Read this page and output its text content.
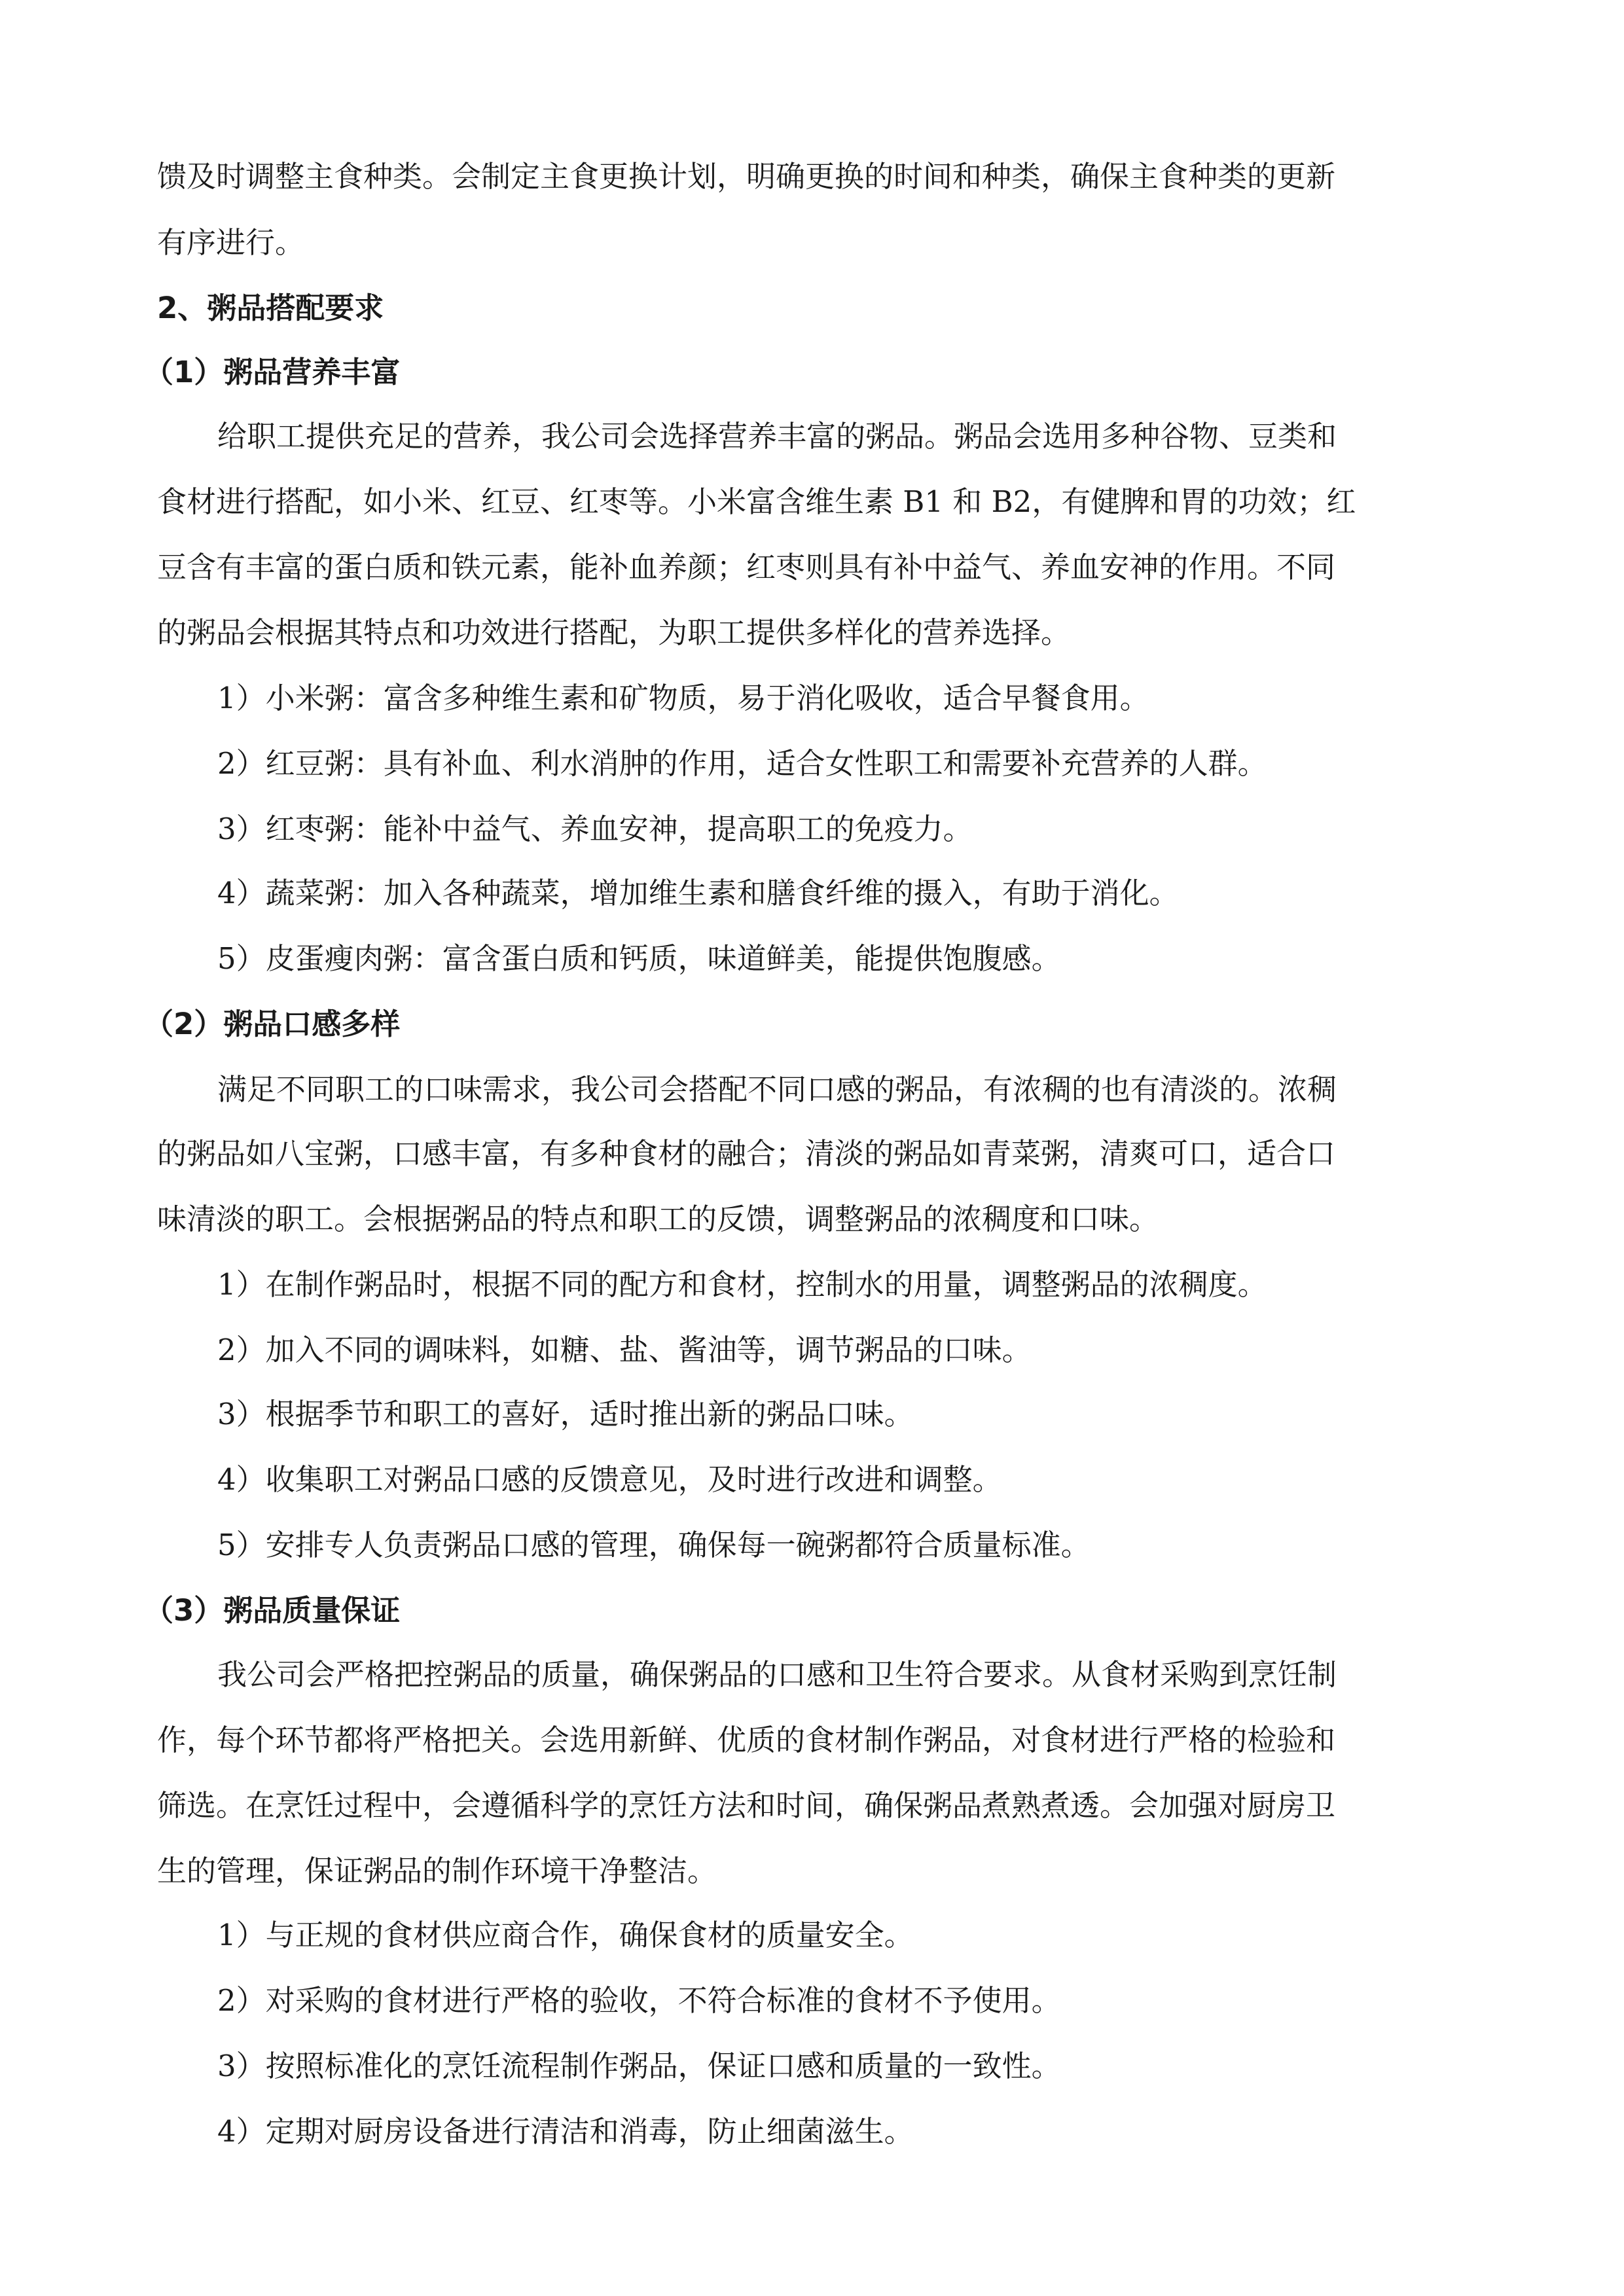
馈及时调整主食种类。会制定主食更换计划，明确更换的时间和种类，确保主食种类的更新
有序进行。
2、粥品搭配要求
（1）粥品营养丰富
给职工提供充足的营养，我公司会选择营养丰富的粥品。粥品会选用多种谷物、豆类和
食材进行搭配，如小米、红豆、红枣等。小米富含维生素 B1 和 B2，有健脾和胃的功效；红
豆含有丰富的蛋白质和铁元素，能补血养颜；红枣则具有补中益气、养血安神的作用。不同
的粥品会根据其特点和功效进行搭配，为职工提供多样化的营养选择。
1）小米粥：富含多种维生素和矿物质，易于消化吸收，适合早餐食用。
2）红豆粥：具有补血、利水消肿的作用，适合女性职工和需要补充营养的人群。
3）红枣粥：能补中益气、养血安神，提高职工的免疫力。
4）蔬菜粥：加入各种蔬菜，增加维生素和膳食纤维的摄入，有助于消化。
5）皮蛋瘦肉粥：富含蛋白质和钙质，味道鲜美，能提供饱腹感。
（2）粥品口感多样
满足不同职工的口味需求，我公司会搭配不同口感的粥品，有浓稠的也有清淡的。浓稠
的粥品如八宝粥，口感丰富，有多种食材的融合；清淡的粥品如青菜粥，清爽可口，适合口
味清淡的职工。会根据粥品的特点和职工的反馈，调整粥品的浓稠度和口味。
1）在制作粥品时，根据不同的配方和食材，控制水的用量，调整粥品的浓稠度。
2）加入不同的调味料，如糖、盐、酱油等，调节粥品的口味。
3）根据季节和职工的喜好，适时推出新的粥品口味。
4）收集职工对粥品口感的反馈意见，及时进行改进和调整。
5）安排专人负责粥品口感的管理，确保每一碗粥都符合质量标准。
（3）粥品质量保证
我公司会严格把控粥品的质量，确保粥品的口感和卫生符合要求。从食材采购到烹饪制
作，每个环节都将严格把关。会选用新鲜、优质的食材制作粥品，对食材进行严格的检验和
筛选。在烹饪过程中，会遵循科学的烹饪方法和时间，确保粥品煮熟煮透。会加强对厨房卫
生的管理，保证粥品的制作环境干净整洁。
1）与正规的食材供应商合作，确保食材的质量安全。
2）对采购的食材进行严格的验收，不符合标准的食材不予使用。
3）按照标准化的烹饪流程制作粥品，保证口感和质量的一致性。
4）定期对厨房设备进行清洁和消毒，防止细菌滋生。
